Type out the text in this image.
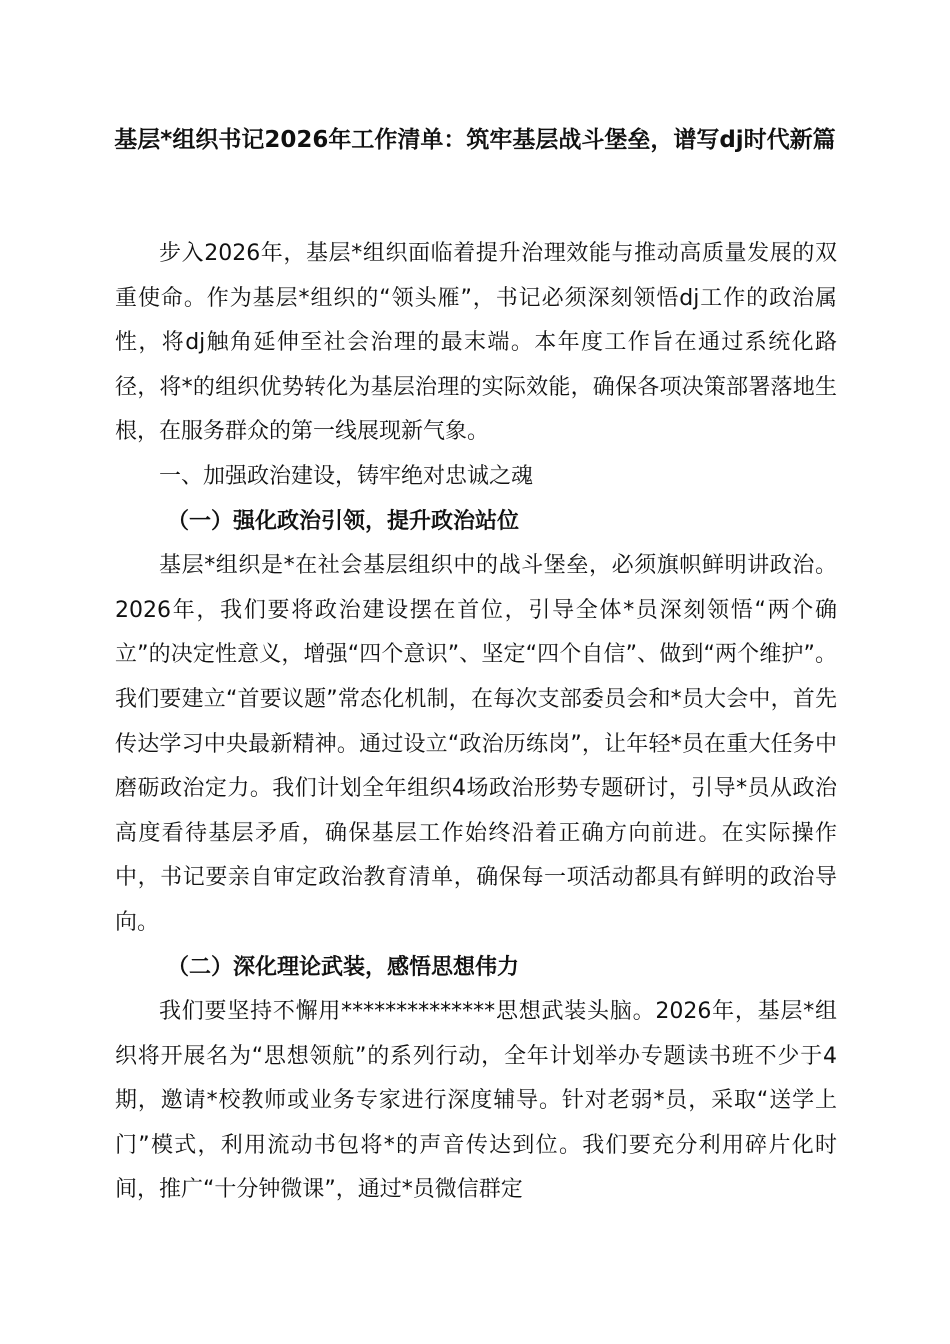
基层*组织书记2026年工作清单：筑牢基层战斗堡垒，谱写dj时代新篇

步入2026年，基层*组织面临着提升治理效能与推动高质量发展的双重使命。作为基层*组织的“领头雁”，书记必须深刻领悟dj工作的政治属性，将dj触角延伸至社会治理的最末端。本年度工作旨在通过系统化路径，将*的组织优势转化为基层治理的实际效能，确保各项决策部署落地生根，在服务群众的第一线展现新气象。

一、加强政治建设，铸牢绝对忠诚之魂

（一）强化政治引领，提升政治站位

基层*组织是*在社会基层组织中的战斗堡垒，必须旗帜鲜明讲政治。2026年，我们要将政治建设摆在首位，引导全体*员深刻领悟“两个确立”的决定性意义，增强“四个意识”、坚定“四个自信”、做到“两个维护”。我们要建立“首要议题”常态化机制，在每次支部委员会和*员大会中，首先传达学习中央最新精神。通过设立“政治历练岗”，让年轻*员在重大任务中磨砺政治定力。我们计划全年组织4场政治形势专题研讨，引导*员从政治高度看待基层矛盾，确保基层工作始终沿着正确方向前进。在实际操作中，书记要亲自审定政治教育清单，确保每一项活动都具有鲜明的政治导向。

（二）深化理论武装，感悟思想伟力

我们要坚持不懈用**************思想武装头脑。2026年，基层*组织将开展名为“思想领航”的系列行动，全年计划举办专题读书班不少于4期，邀请*校教师或业务专家进行深度辅导。针对老弱*员，采取“送学上门”模式，利用流动书包将*的声音传达到位。我们要充分利用碎片化时间，推广“十分钟微课”，通过*员微信群定
